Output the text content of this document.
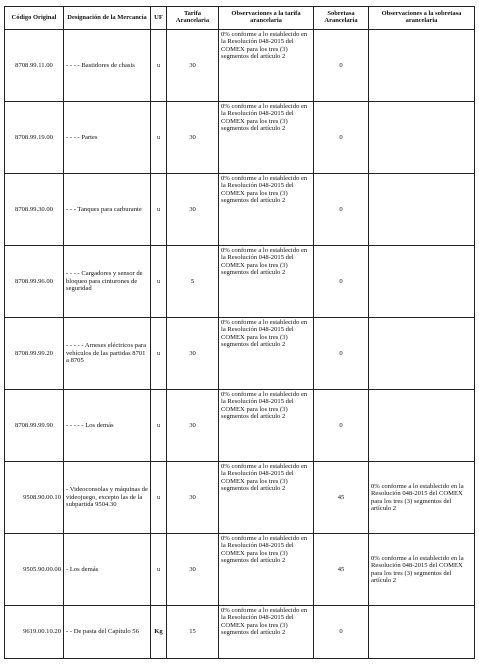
Código Original	Designación de la Mercancía	UF	Tarifa Arancelaria	Observaciones a la tarifa arancelaria	Sobretasa Arancelaria	Observaciones a la sobretasa arancelaria
8708.99.11.00	- - - - Bastidores de chasis	u	30	0% conforme a lo establecido en la Resolución 048-2015 del COMEX para los tres (3) segmentos del artículo 2	0	
8708.99.19.00	- - - - Partes	u	30	0% conforme a lo establecido en la Resolución 048-2015 del COMEX para los tres (3) segmentos del artículo 2	0	
8708.99.30.00	- - - Tanques para carburante	u	30	0% conforme a lo establecido en la Resolución 048-2015 del COMEX para los tres (3) segmentos del artículo 2	0	
8708.99.96.00	- - - - Cargadores y sensor de bloqueo para cinturones de seguridad	u	5	0% conforme a lo establecido en la Resolución 048-2015 del COMEX para los tres (3) segmentos del artículo 2	0	
8708.99.99.20	- - - - - Arneses eléctricos para vehículos de las partidas 8701 a 8705	u	30	0% conforme a lo establecido en la Resolución 048-2015 del COMEX para los tres (3) segmentos del artículo 2	0	
8708.99.99.90	- - - - - Los demás	u	30	0% conforme a lo establecido en la Resolución 048-2015 del COMEX para los tres (3) segmentos del artículo 2	0	
9508.90.00.10	- Videoconsolas y máquinas de videojuego, excepto las de la subpartida 9504.30	u	30	0% conforme a lo establecido en la Resolución 048-2015 del COMEX para los tres (3) segmentos del artículo 2	45	0% conforme a lo establecido en la Resolución 048-2015 del COMEX para los tres (3) segmentos del artículo 2
9505.90.00.00	- Los demás	u	30	0% conforme a lo establecido en la Resolución 048-2015 del COMEX para los tres (3) segmentos del artículo 2	45	0% conforme a lo establecido en la Resolución 048-2015 del COMEX para los tres (3) segmentos del artículo 2
9619.00.10.20	- - De pasta del Capítulo 56	Kg	15	0% conforme a lo establecido en la Resolución 048-2015 del COMEX para los tres (3) segmentos del artículo 2	0	
